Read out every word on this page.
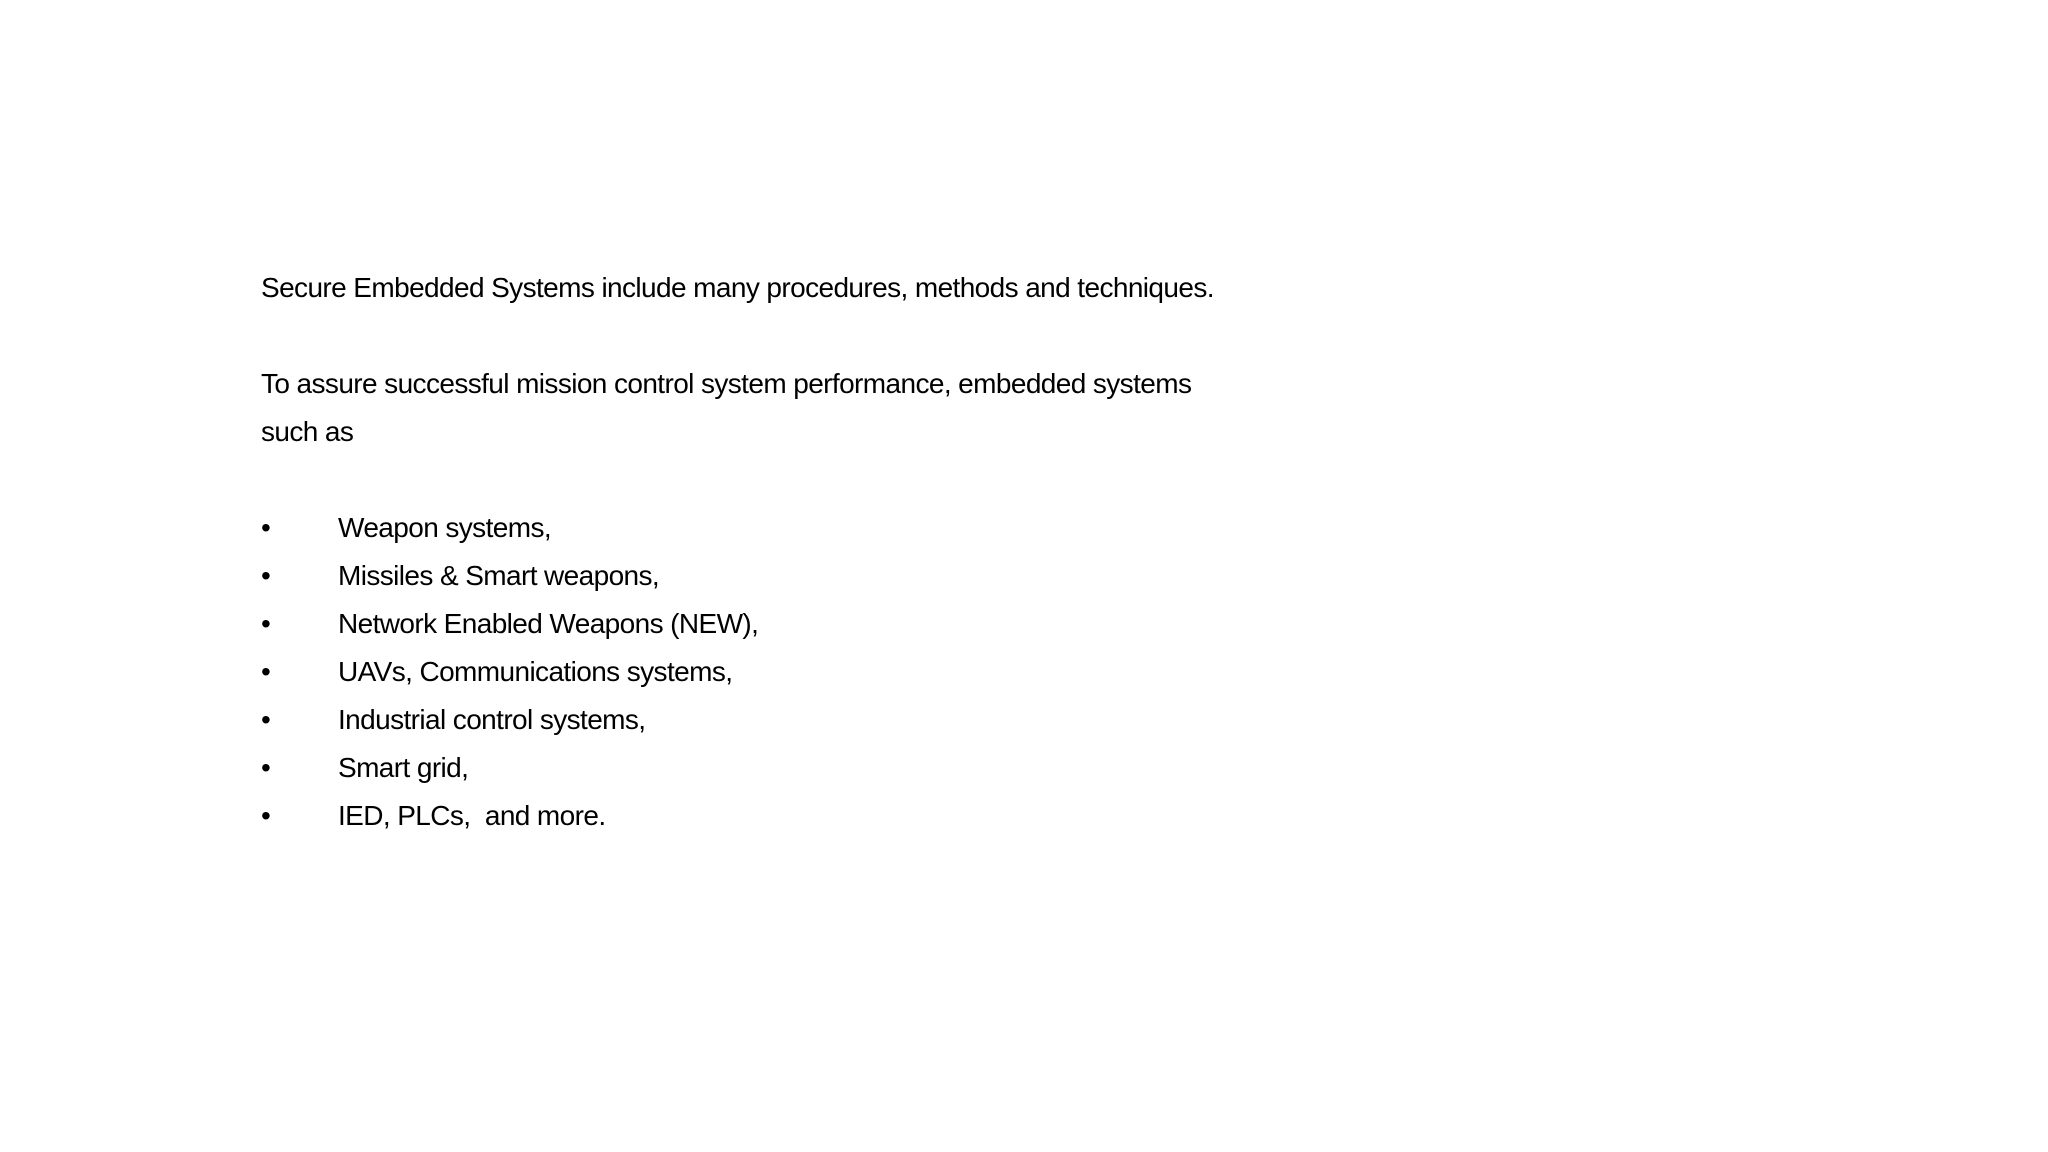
Secure Embedded Systems include many procedures, methods and techniques.

To assure successful mission control system performance, embedded systems

such as

•	Weapon systems,
•	Missiles & Smart weapons,
•	Network Enabled Weapons (NEW),
•	UAVs, Communications systems,
•	Industrial control systems,
•	Smart grid,
•	IED, PLCs,  and more.
